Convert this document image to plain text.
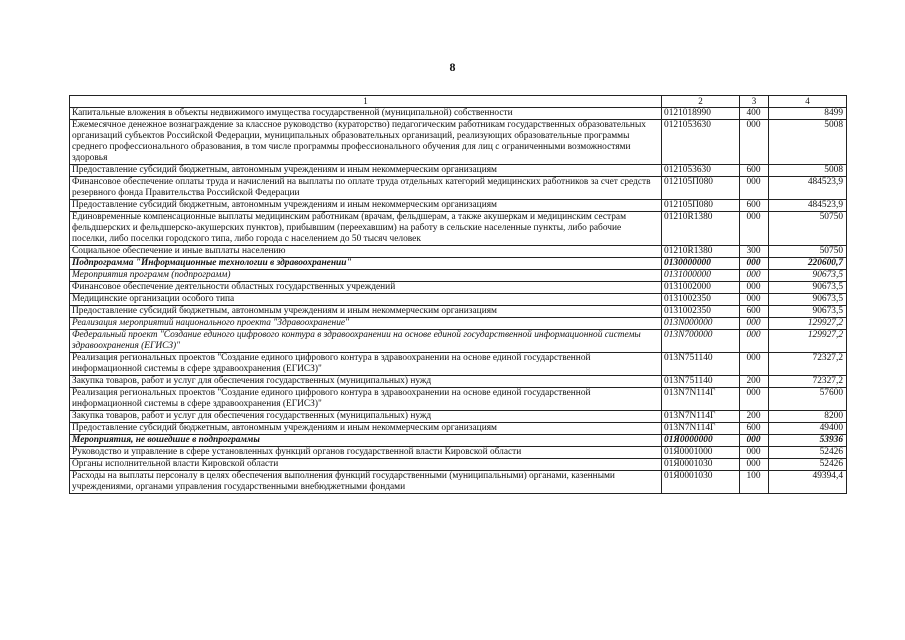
8
1	2	3	4
Капитальные вложения в объекты недвижимого имущества государственной (муниципальной) собственности	0121018990	400	8499
Ежемесячное денежное вознаграждение за классное руководство (кураторство) педагогическим работникам государственных образовательных организаций субъектов Российской Федерации, муниципальных образовательных организаций, реализующих образовательные программы среднего профессионального образования, в том числе программы профессионального обучения для лиц с ограниченными возможностями здоровья	0121053630	000	5008
Предоставление субсидий бюджетным, автономным учреждениям и иным некоммерческим организациям	0121053630	600	5008
Финансовое обеспечение оплаты труда и начислений на выплаты по оплате труда отдельных категорий медицинских работников за счет средств резервного фонда Правительства Российской Федерации	012105П080	000	484523,9
Предоставление субсидий бюджетным, автономным учреждениям и иным некоммерческим организациям	012105П080	600	484523,9
Единовременные компенсационные выплаты медицинским работникам (врачам, фельдшерам, а также акушеркам и медицинским сестрам фельдшерских и фельдшерско-акушерских пунктов), прибывшим (переехавшим) на работу в сельские населенные пункты, либо рабочие поселки, либо поселки городского типа, либо города с населением до 50 тысяч человек	01210R1380	000	50750
Социальное обеспечение и иные выплаты населению	01210R1380	300	50750
Подпрограмма "Информационные технологии в здравоохранении"	0130000000	000	220600,7
Мероприятия программ (подпрограмм)	0131000000	000	90673,5
Финансовое обеспечение деятельности областных государственных учреждений	0131002000	000	90673,5
Медицинские организации особого типа	0131002350	000	90673,5
Предоставление субсидий бюджетным, автономным учреждениям и иным некоммерческим организациям	0131002350	600	90673,5
Реализация мероприятий национального проекта "Здравоохранение"	013N000000	000	129927,2
Федеральный проект "Создание единого цифрового контура в здравоохранении на основе единой государственной информационной системы здравоохранения (ЕГИСЗ)"	013N700000	000	129927,2
Реализация региональных проектов "Создание единого цифрового контура в здравоохранении на основе единой государственной информационной системы в сфере здравоохранения (ЕГИСЗ)"	013N751140	000	72327,2
Закупка товаров, работ и услуг для обеспечения государственных (муниципальных) нужд	013N751140	200	72327,2
Реализация региональных проектов "Создание единого цифрового контура в здравоохранении на основе единой государственной информационной системы в сфере здравоохранения (ЕГИСЗ)"	013N7N114Г	000	57600
Закупка товаров, работ и услуг для обеспечения государственных (муниципальных) нужд	013N7N114Г	200	8200
Предоставление субсидий бюджетным, автономным учреждениям и иным некоммерческим организациям	013N7N114Г	600	49400
Мероприятия, не вошедшие в подпрограммы	01Я0000000	000	53936
Руководство и управление в сфере установленных функций органов государственной власти Кировской области	01Я0001000	000	52426
Органы исполнительной власти Кировской области	01Я0001030	000	52426
Расходы на выплаты персоналу в целях обеспечения выполнения функций государственными (муниципальными) органами, казенными учреждениями, органами управления государственными внебюджетными фондами	01Я0001030	100	49394,4
